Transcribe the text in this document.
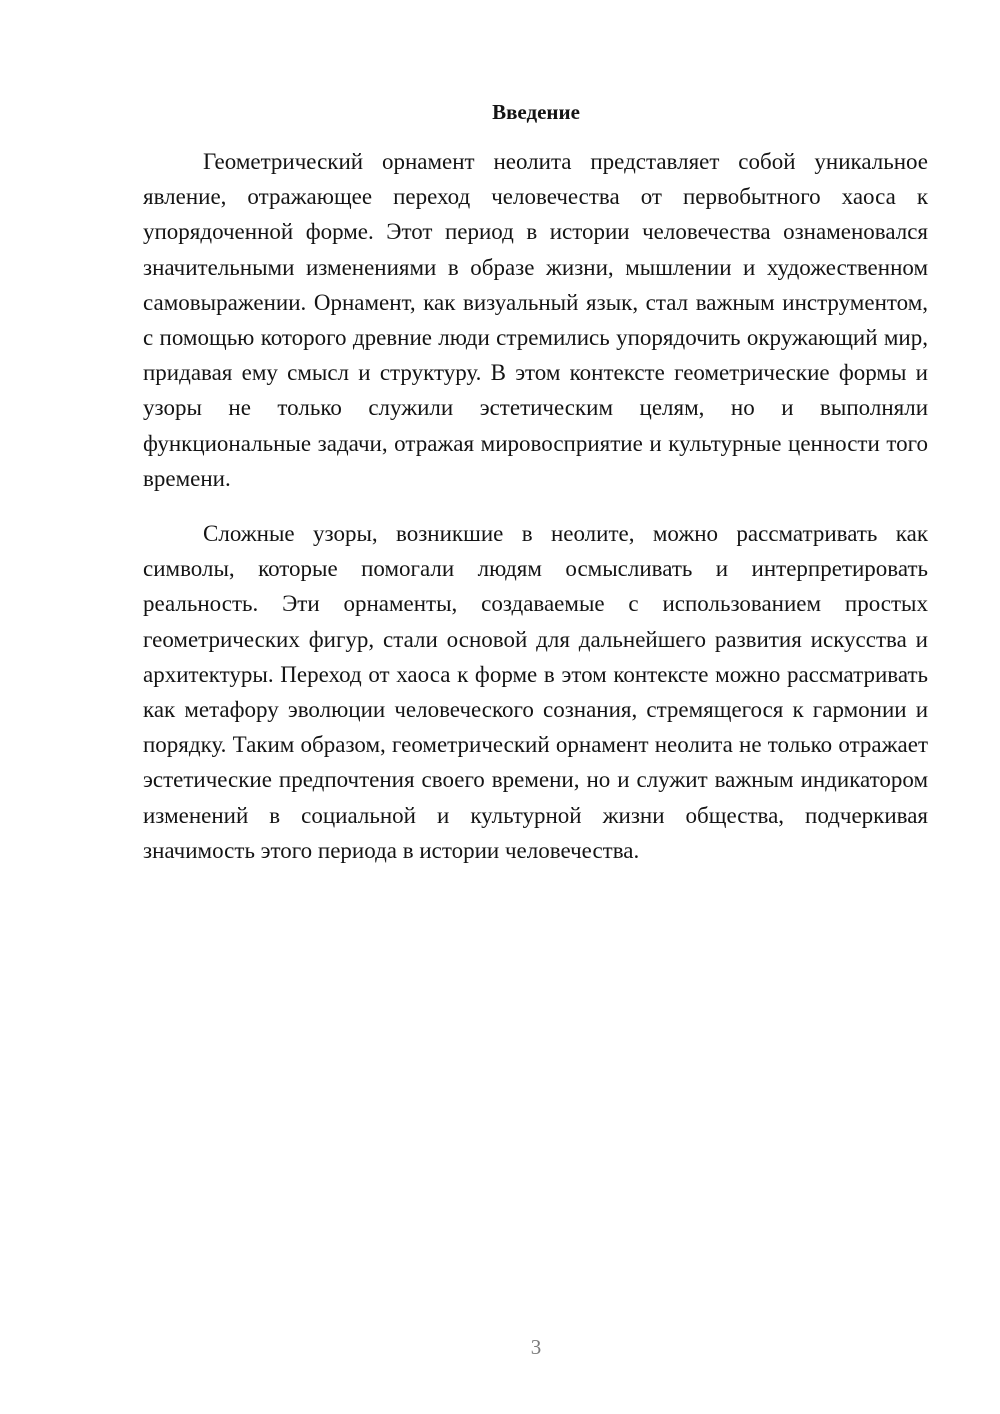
Введение

Геометрический орнамент неолита представляет собой уникальное явление, отражающее переход человечества от первобытного хаоса к упорядоченной форме. Этот период в истории человечества ознаменовался значительными изменениями в образе жизни, мышлении и художественном самовыражении. Орнамент, как визуальный язык, стал важным инструментом, с помощью которого древние люди стремились упорядочить окружающий мир, придавая ему смысл и структуру. В этом контексте геометрические формы и узоры не только служили эстетическим целям, но и выполняли функциональные задачи, отражая мировосприятие и культурные ценности того времени.

Сложные узоры, возникшие в неолите, можно рассматривать как символы, которые помогали людям осмысливать и интерпретировать реальность. Эти орнаменты, создаваемые с использованием простых геометрических фигур, стали основой для дальнейшего развития искусства и архитектуры. Переход от хаоса к форме в этом контексте можно рассматривать как метафору эволюции человеческого сознания, стремящегося к гармонии и порядку. Таким образом, геометрический орнамент неолита не только отражает эстетические предпочтения своего времени, но и служит важным индикатором изменений в социальной и культурной жизни общества, подчеркивая значимость этого периода в истории человечества.

3
